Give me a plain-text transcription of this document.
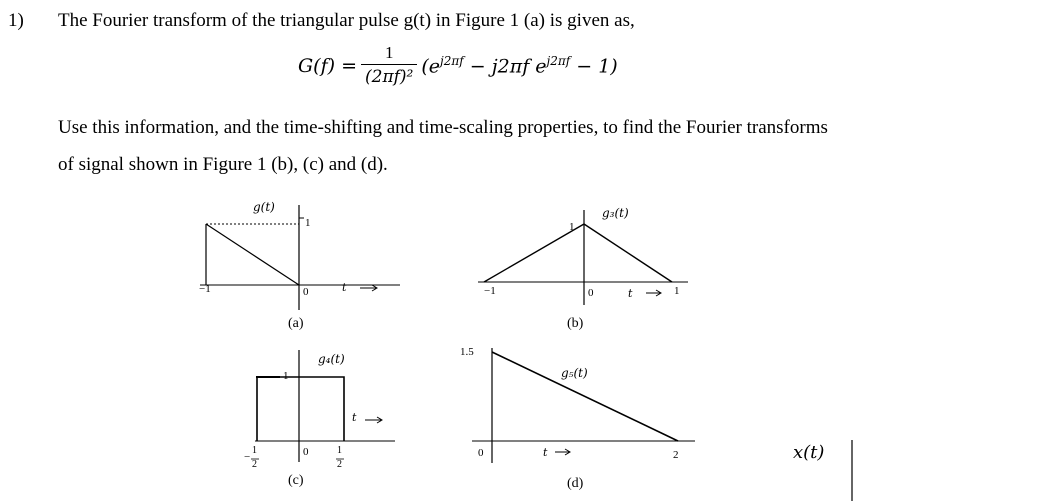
1) The Fourier transform of the triangular pulse g(t) in Figure 1 (a) is given as,
$G(f) = \frac{1}{\text{(2πf)²}} (e^{j2\pi f} - j2\pi f$ $e^{j2\pi f} - 1$)
Use this information, and the time-shifting and time-scaling properties, to find the Fourier transforms
of signal shown in Figure 1 (b), (c) and (d).
g(t)
1
−1	0	t
(a)
g₃(t)
1
−1	0	t	1
(b)
g₄(t)
1
t
−
1
2
0	1
2
(c)
1.5
g₅(t)
0	t	2
(d)
x(t)
